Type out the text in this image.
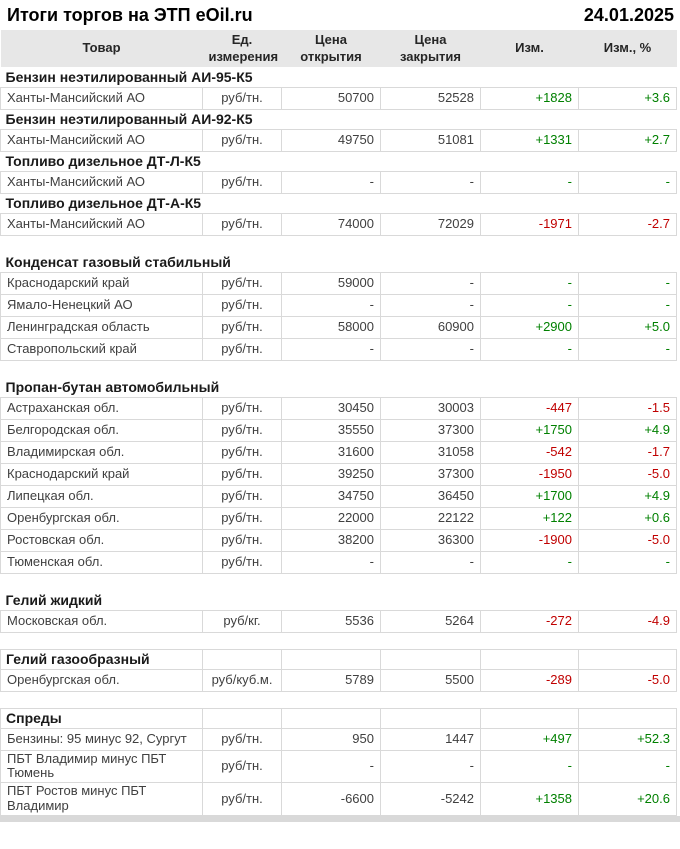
Итоги торгов на ЭТП eOil.ru	24.01.2025
Товар	Ед. измерения	Цена открытия	Цена закрытия	Изм.	Изм., %
Бензин неэтилированный АИ-95-К5					
Ханты-Мансийский АО	руб/тн.	50700	52528	+1828	+3.6
Бензин неэтилированный АИ-92-К5					
Ханты-Мансийский АО	руб/тн.	49750	51081	+1331	+2.7
Топливо дизельное ДТ-Л-К5					
Ханты-Мансийский АО	руб/тн.	-	-	-	-
Топливо дизельное ДТ-А-К5					
Ханты-Мансийский АО	руб/тн.	74000	72029	-1971	-2.7

Конденсат газовый стабильный					
Краснодарский край	руб/тн.	59000	-	-	-
Ямало-Ненецкий АО	руб/тн.	-	-	-	-
Ленинградская область	руб/тн.	58000	60900	+2900	+5.0
Ставропольский край	руб/тн.	-	-	-	-

Пропан-бутан автомобильный					
Астраханская обл.	руб/тн.	30450	30003	-447	-1.5
Белгородская обл.	руб/тн.	35550	37300	+1750	+4.9
Владимирская обл.	руб/тн.	31600	31058	-542	-1.7
Краснодарский край	руб/тн.	39250	37300	-1950	-5.0
Липецкая обл.	руб/тн.	34750	36450	+1700	+4.9
Оренбургская обл.	руб/тн.	22000	22122	+122	+0.6
Ростовская обл.	руб/тн.	38200	36300	-1900	-5.0
Тюменская обл.	руб/тн.	-	-	-	-

Гелий жидкий					
Московская обл.	руб/кг.	5536	5264	-272	-4.9

Гелий газообразный					
Оренбургская обл.	руб/куб.м.	5789	5500	-289	-5.0

Спреды					
Бензины: 95 минус 92, Сургут	руб/тн.	950	1447	+497	+52.3
ПБТ Владимир минус ПБТ Тюмень	руб/тн.	-	-	-	-
ПБТ Ростов минус ПБТ Владимир	руб/тн.	-6600	-5242	+1358	+20.6
